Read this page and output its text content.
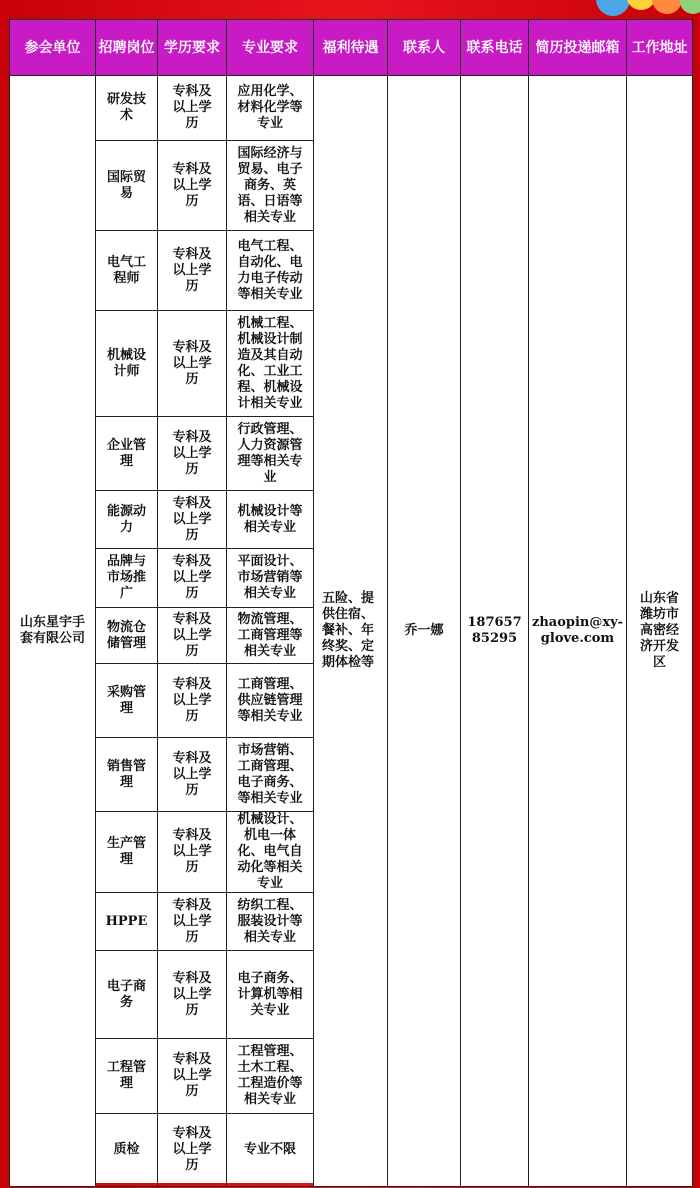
参会单位	招聘岗位	学历要求	专业要求	福利待遇	联系人	联系电话	简历投递邮箱	工作地址
山东星宇手套有限公司	研发技术	专科及以上学历	应用化学、材料化学等专业	五险、提供住宿、餐补、年终奖、定期体检等	乔一娜	18765785295	zhaopin@xy-glove.com	山东省潍坊市高密经济开发区
	国际贸易	专科及以上学历	国际经济与贸易、电子商务、英语、日语等相关专业					
	电气工程师	专科及以上学历	电气工程、自动化、电力电子传动等相关专业					
	机械设计师	专科及以上学历	机械工程、机械设计制造及其自动化、工业工程、机械设计相关专业					
	企业管理	专科及以上学历	行政管理、人力资源管理等相关专业					
	能源动力	专科及以上学历	机械设计等相关专业					
	品牌与市场推广	专科及以上学历	平面设计、市场营销等相关专业					
	物流仓储管理	专科及以上学历	物流管理、工商管理等相关专业					
	采购管理	专科及以上学历	工商管理、供应链管理等相关专业					
	销售管理	专科及以上学历	市场营销、工商管理、电子商务、等相关专业					
	生产管理	专科及以上学历	机械设计、机电一体化、电气自动化等相关专业					
	HPPE	专科及以上学历	纺织工程、服装设计等相关专业					
	电子商务	专科及以上学历	电子商务、计算机等相关专业					
	工程管理	专科及以上学历	工程管理、土木工程、工程造价等相关专业					
	质检	专科及以上学历	专业不限					
